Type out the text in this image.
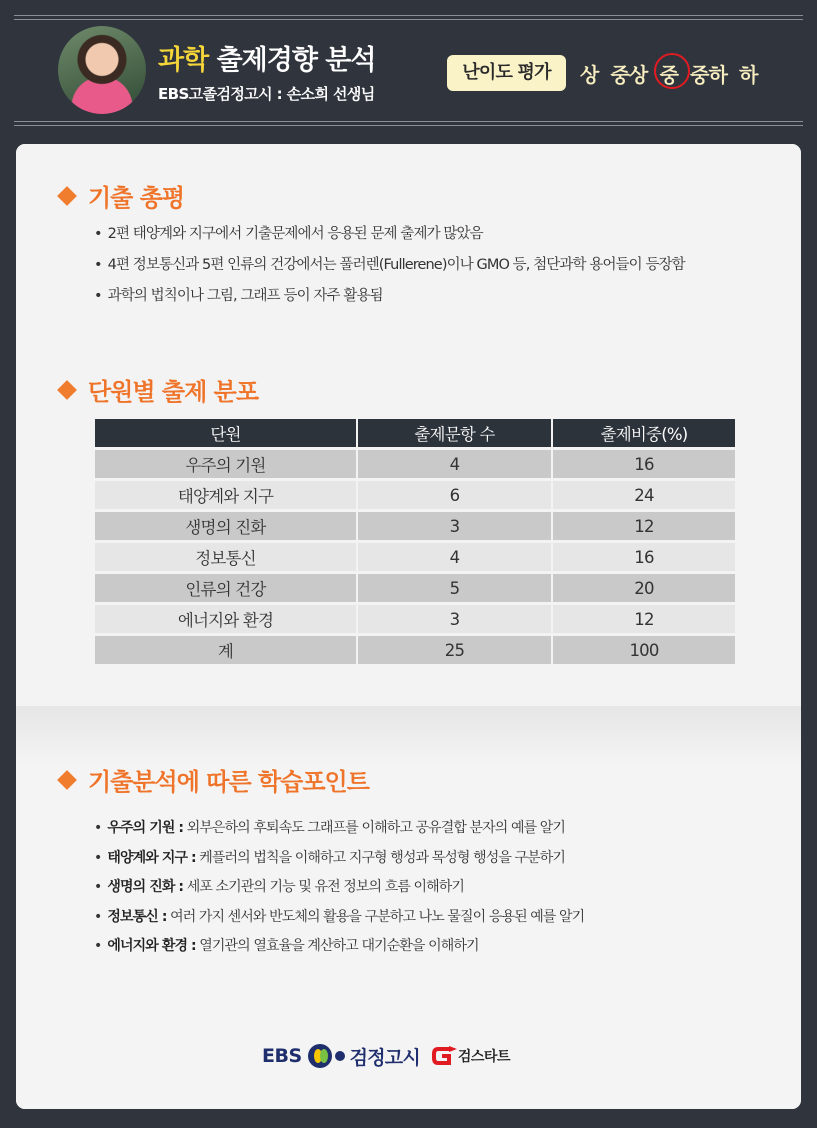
과학 출제경향 분석
EBS고졸검정고시 : 손소희 선생님
난이도 평가	상 중상 중 중하 하
기출 총평
• 2편 태양계와 지구에서 기출문제에서 응용된 문제 출제가 많았음
• 4편 정보통신과 5편 인류의 건강에서는 풀러렌(Fullerene)이나 GMO 등, 첨단과학 용어들이 등장함
• 과학의 법칙이나 그림, 그래프 등이 자주 활용됨
단원별 출제 분포
단원	출제문항 수	출제비중(%)
우주의 기원	4	16
태양계와 지구	6	24
생명의 진화	3	12
정보통신	4	16
인류의 건강	5	20
에너지와 환경	3	12
계	25	100
기출분석에 따른 학습포인트
• 우주의 기원 : 외부은하의 후퇴속도 그래프를 이해하고 공유결합 분자의 예를 알기
• 태양계와 지구 : 케플러의 법칙을 이해하고 지구형 행성과 목성형 행성을 구분하기
• 생명의 진화 : 세포 소기관의 기능 및 유전 정보의 흐름 이해하기
• 정보통신 : 여러 가지 센서와 반도체의 활용을 구분하고 나노 물질이 응용된 예를 알기
• 에너지와 환경 : 열기관의 열효율을 계산하고 대기순환을 이해하기
EBS	검정고시	검스타트
